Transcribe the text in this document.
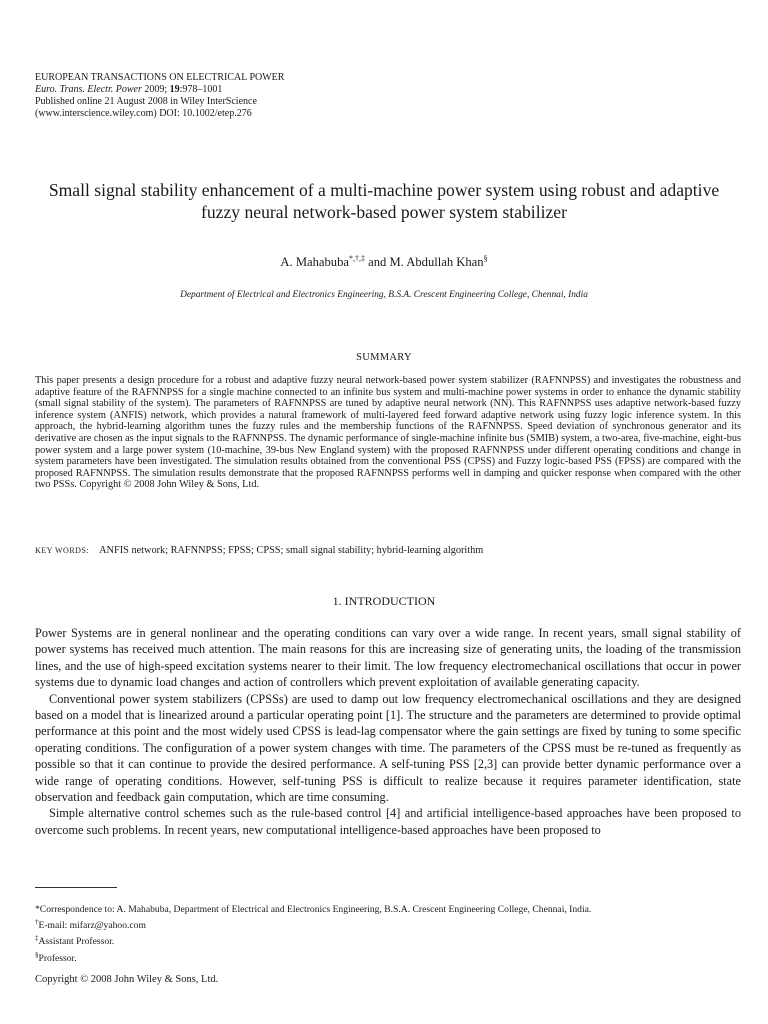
EUROPEAN TRANSACTIONS ON ELECTRICAL POWER
Euro. Trans. Electr. Power 2009; 19:978–1001
Published online 21 August 2008 in Wiley InterScience
(www.interscience.wiley.com) DOI: 10.1002/etep.276
Small signal stability enhancement of a multi-machine power system using robust and adaptive fuzzy neural network-based power system stabilizer
A. Mahabuba*,†,‡ and M. Abdullah Khan§
Department of Electrical and Electronics Engineering, B.S.A. Crescent Engineering College, Chennai, India
SUMMARY
This paper presents a design procedure for a robust and adaptive fuzzy neural network-based power system stabilizer (RAFNNPSS) and investigates the robustness and adaptive feature of the RAFNNPSS for a single machine connected to an infinite bus system and multi-machine power systems in order to enhance the dynamic stability (small signal stability of the system). The parameters of RAFNNPSS are tuned by adaptive neural network (NN). This RAFNNPSS uses adaptive network-based fuzzy inference system (ANFIS) network, which provides a natural framework of multi-layered feed forward adaptive network using fuzzy logic inference system. In this approach, the hybrid-learning algorithm tunes the fuzzy rules and the membership functions of the RAFNNPSS. Speed deviation of synchronous generator and its derivative are chosen as the input signals to the RAFNNPSS. The dynamic performance of single-machine infinite bus (SMIB) system, a two-area, five-machine, eight-bus power system and a large power system (10-machine, 39-bus New England system) with the proposed RAFNNPSS under different operating conditions and change in system parameters have been investigated. The simulation results obtained from the conventional PSS (CPSS) and Fuzzy logic-based PSS (FPSS) are compared with the proposed RAFNNPSS. The simulation results demonstrate that the proposed RAFNNPSS performs well in damping and quicker response when compared with the other two PSSs. Copyright © 2008 John Wiley & Sons, Ltd.
KEY WORDS: ANFIS network; RAFNNPSS; FPSS; CPSS; small signal stability; hybrid-learning algorithm
1. INTRODUCTION

Power Systems are in general nonlinear and the operating conditions can vary over a wide range. In recent years, small signal stability of power systems has received much attention. The main reasons for this are increasing size of generating units, the loading of the transmission lines, and the use of high-speed excitation systems nearer to their limit. The low frequency electromechanical oscillations that occur in power systems due to dynamic load changes and action of controllers which prevent exploitation of available generating capacity.

Conventional power system stabilizers (CPSSs) are used to damp out low frequency electromechanical oscillations and they are designed based on a model that is linearized around a particular operating point [1]. The structure and the parameters are determined to provide optimal performance at this point and the most widely used CPSS is lead-lag compensator where the gain settings are fixed by tuning to some specific operating conditions. The configuration of a power system changes with time. The parameters of the CPSS must be re-tuned as frequently as possible so that it can continue to provide the desired performance. A self-tuning PSS [2,3] can provide better dynamic performance over a wide range of operating conditions. However, self-tuning PSS is difficult to realize because it requires parameter identification, state observation and feedback gain computation, which are time consuming.

Simple alternative control schemes such as the rule-based control [4] and artificial intelligence-based approaches have been proposed to overcome such problems. In recent years, new computational intelligence-based approaches have been proposed to

*Correspondence to: A. Mahabuba, Department of Electrical and Electronics Engineering, B.S.A. Crescent Engineering College, Chennai, India.
†E-mail: mifarz@yahoo.com
‡Assistant Professor.
§Professor.
Copyright © 2008 John Wiley & Sons, Ltd.
